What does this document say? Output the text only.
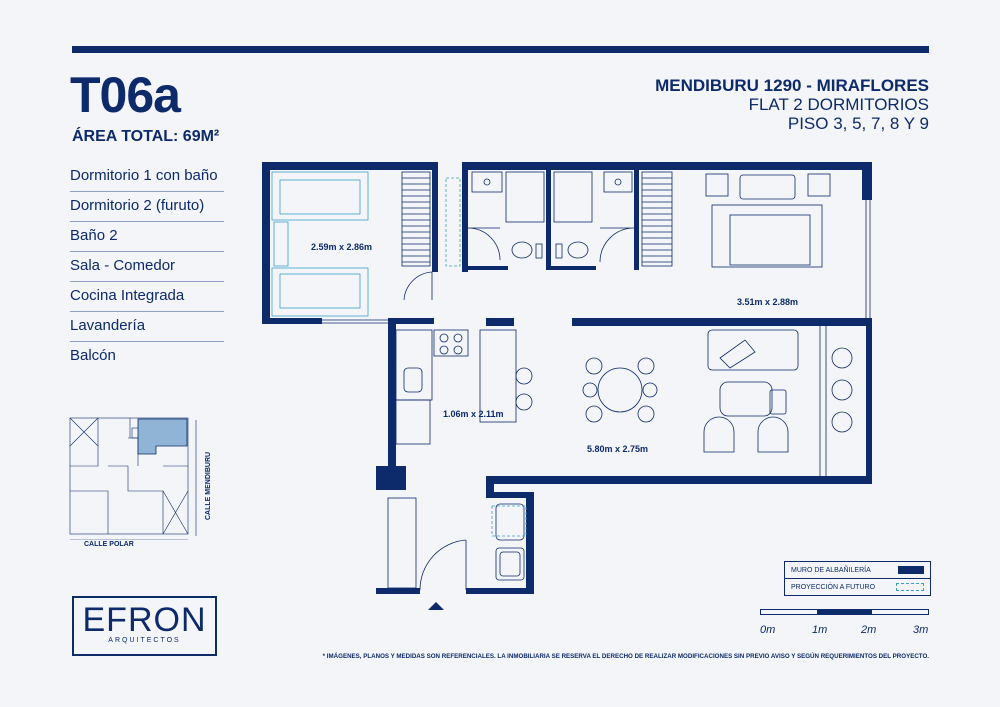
T06a
ÁREA TOTAL: 69M²
MENDIBURU 1290 - MIRAFLORES
FLAT 2 DORMITORIOS
PISO 3, 5, 7, 8 Y 9
Dormitorio 1 con baño
Dormitorio 2 (furuto)
Baño 2
Sala - Comedor
Cocina Integrada
Lavandería
Balcón
CALLE POLAR
CALLE MENDIBURU
EFRON
ARQUITECTOS
2.59m x 2.86m
3.51m x 2.88m
1.06m x 2.11m
5.80m x 2.75m
MURO DE ALBAÑILERÍA
PROYECCIÓN A FUTURO
0m	1m	2m	3m
* IMÁGENES, PLANOS Y MEDIDAS SON REFERENCIALES. LA INMOBILIARIA SE RESERVA EL DERECHO DE REALIZAR MODIFICACIONES SIN PREVIO AVISO Y SEGÚN REQUERIMIENTOS DEL PROYECTO.
